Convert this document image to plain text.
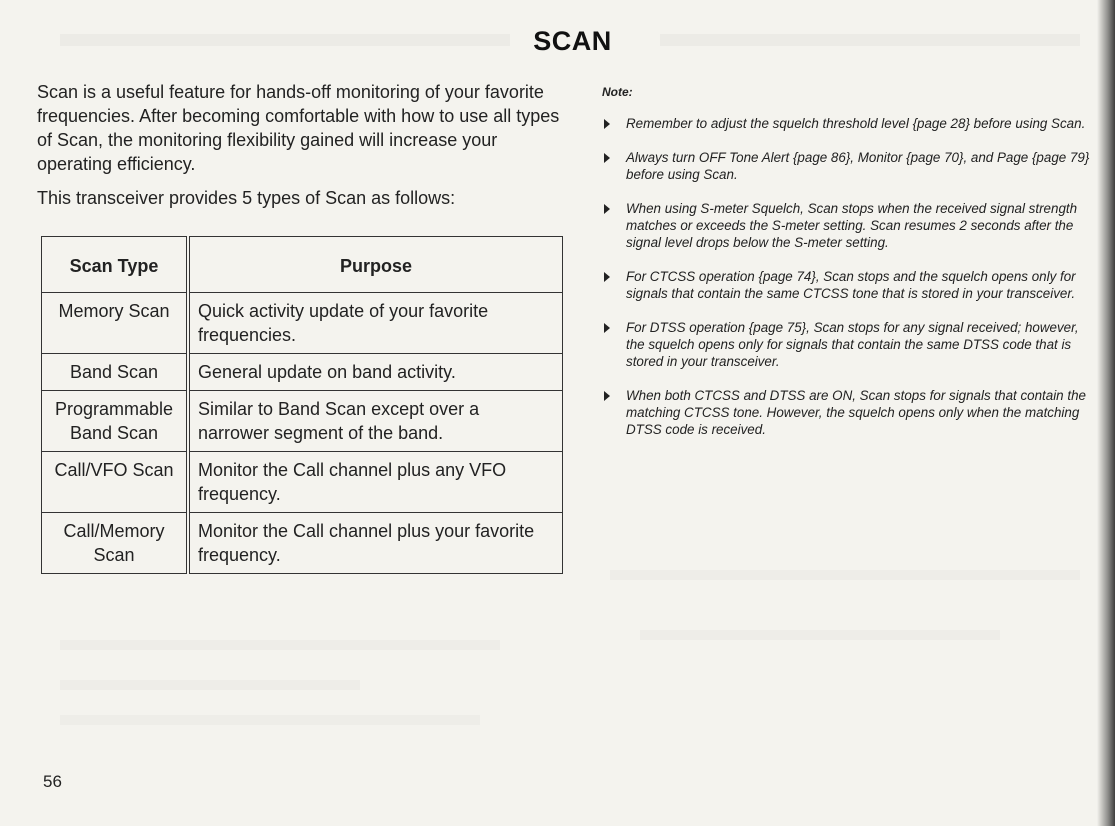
SCAN

Scan is a useful feature for hands-off monitoring of your favorite frequencies. After becoming comfortable with how to use all types of Scan, the monitoring flexibility gained will increase your operating efficiency.

This transceiver provides 5 types of Scan as follows:

Scan Type	Purpose
Memory Scan	Quick activity update of your favorite frequencies.
Band Scan	General update on band activity.
Programmable Band Scan	Similar to Band Scan except over a narrower segment of the band.
Call/VFO Scan	Monitor the Call channel plus any VFO frequency.
Call/Memory Scan	Monitor the Call channel plus your favorite frequency.
Note:
Remember to adjust the squelch threshold level {page 28} before using Scan.
Always turn OFF Tone Alert {page 86}, Monitor {page 70}, and Page {page 79} before using Scan.
When using S-meter Squelch, Scan stops when the received signal strength matches or exceeds the S-meter setting. Scan resumes 2 seconds after the signal level drops below the S-meter setting.
For CTCSS operation {page 74}, Scan stops and the squelch opens only for signals that contain the same CTCSS tone that is stored in your transceiver.
For DTSS operation {page 75}, Scan stops for any signal received; however, the squelch opens only for signals that contain the same DTSS code that is stored in your transceiver.
When both CTCSS and DTSS are ON, Scan stops for signals that contain the matching CTCSS tone. However, the squelch opens only when the matching DTSS code is received.
56
